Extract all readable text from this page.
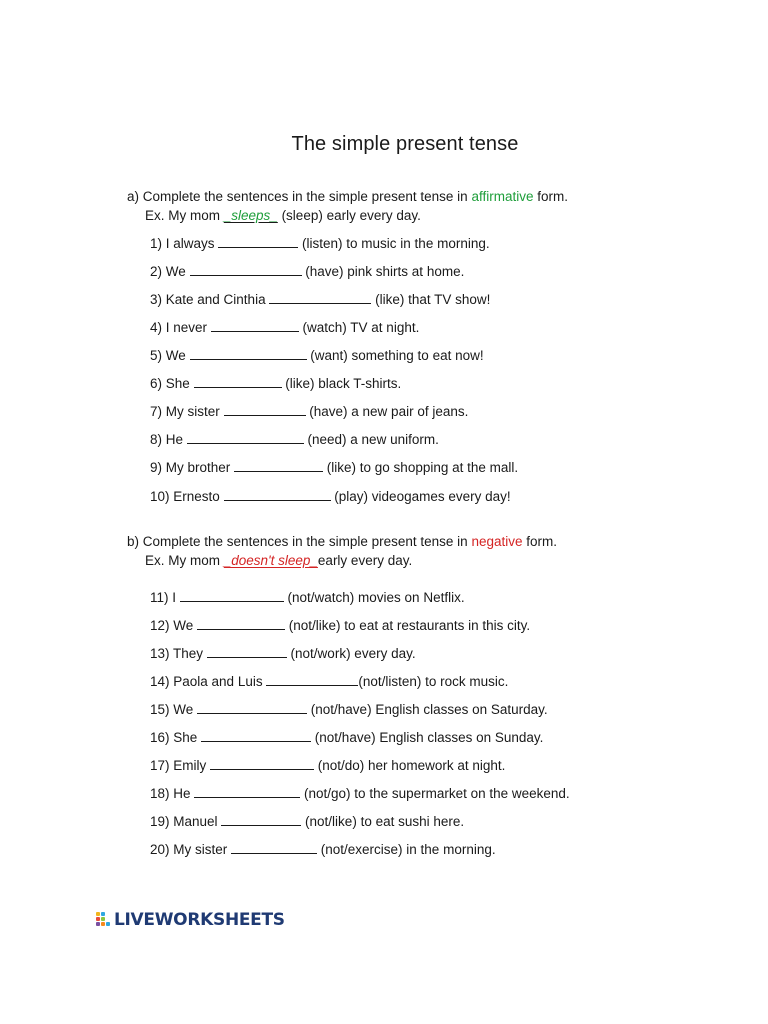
The simple present tense
a) Complete the sentences in the simple present tense in affirmative form.
Ex. My mom _sleeps_ (sleep) early every day.
1) I always	(listen) to music in the morning.
2) We	(have) pink shirts at home.
3) Kate and Cinthia	(like) that TV show!
4) I never	(watch) TV at night.
5) We	(want) something to eat now!
6) She	(like) black T-shirts.
7) My sister	(have) a new pair of jeans.
8) He	(need) a new uniform.
9) My brother	(like) to go shopping at the mall.
10) Ernesto	(play) videogames every day!
b) Complete the sentences in the simple present tense in negative form.
Ex. My mom _doesn't sleep_early every day.
11) I	(not/watch) movies on Netflix.
12) We	(not/like) to eat at restaurants in this city.
13) They	(not/work) every day.
14) Paola and Luis	(not/listen) to rock music.
15) We	(not/have) English classes on Saturday.
16) She	(not/have) English classes on Sunday.
17) Emily	(not/do) her homework at night.
18) He	(not/go) to the supermarket on the weekend.
19) Manuel	(not/like) to eat sushi here.
20) My sister	(not/exercise) in the morning.
LIVEWORKSHEETS
